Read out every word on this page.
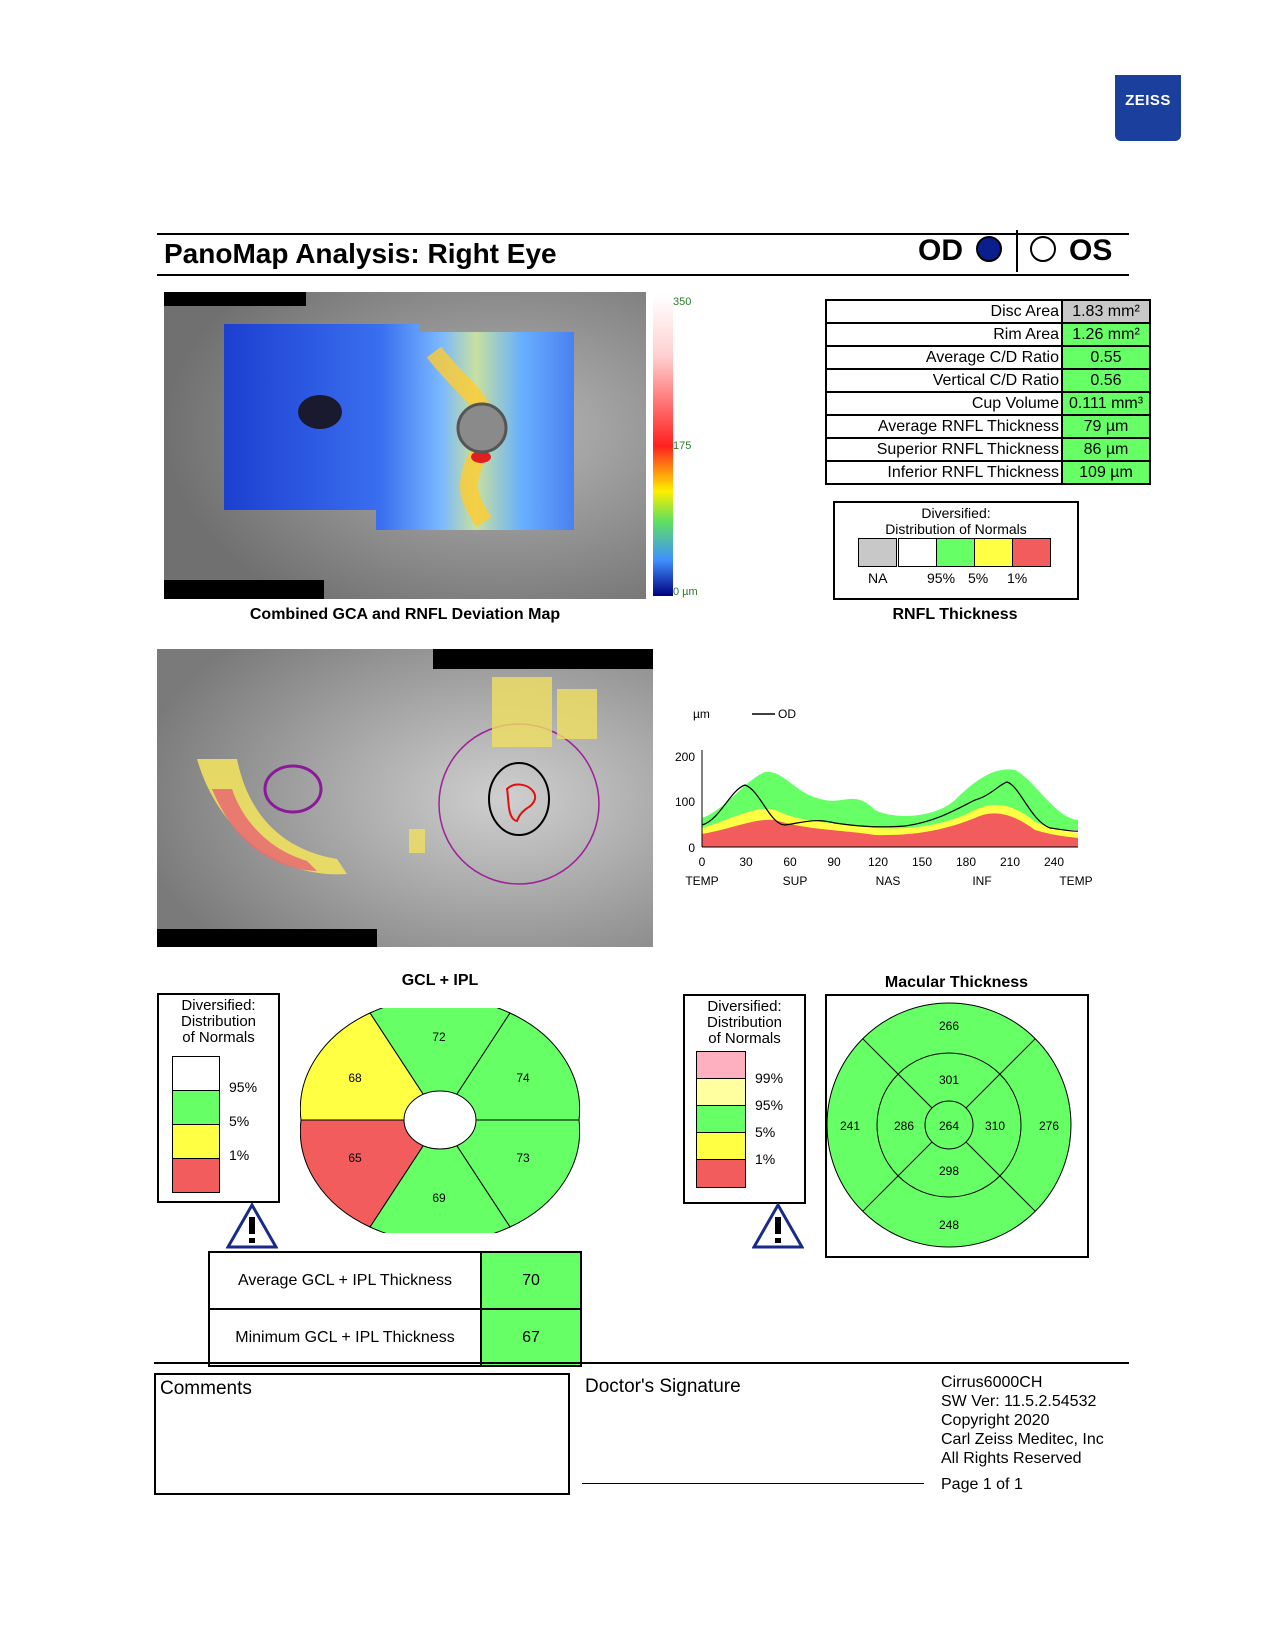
ZEISS
PanoMap Analysis: Right Eye	OD	OS
350
175
0 µm
Combined GCA and RNFL Deviation Map
Disc Area	1.83 mm²
Rim Area	1.26 mm²
Average C/D Ratio	0.55
Vertical C/D Ratio	0.56
Cup Volume	0.111 mm³
Average RNFL Thickness	79 µm
Superior RNFL Thickness	86 µm
Inferior RNFL Thickness	109 µm
Diversified:
Distribution of Normals
NA	95% 5% 1%
RNFL Thickness
µm	OD
200
100
0
0	30	60	90 120 150 180 210 240
TEMP	SUP	NAS	INF	TEMP
GCL + IPL
Diversified:
Distribution
of Normals
95%
5%
1%
72
74
73
69
65
68
Average GCL + IPL Thickness	70
Minimum GCL + IPL Thickness	67
Macular Thickness
Diversified:
Distribution
of Normals
99%
95%
5%
1%
264
301
310
298
286
266
276
248
241
Comments	Doctor's Signature	Cirrus6000CH
SW Ver: 11.5.2.54532
Copyright 2020
Carl Zeiss Meditec, Inc
All Rights Reserved
Page 1 of 1
